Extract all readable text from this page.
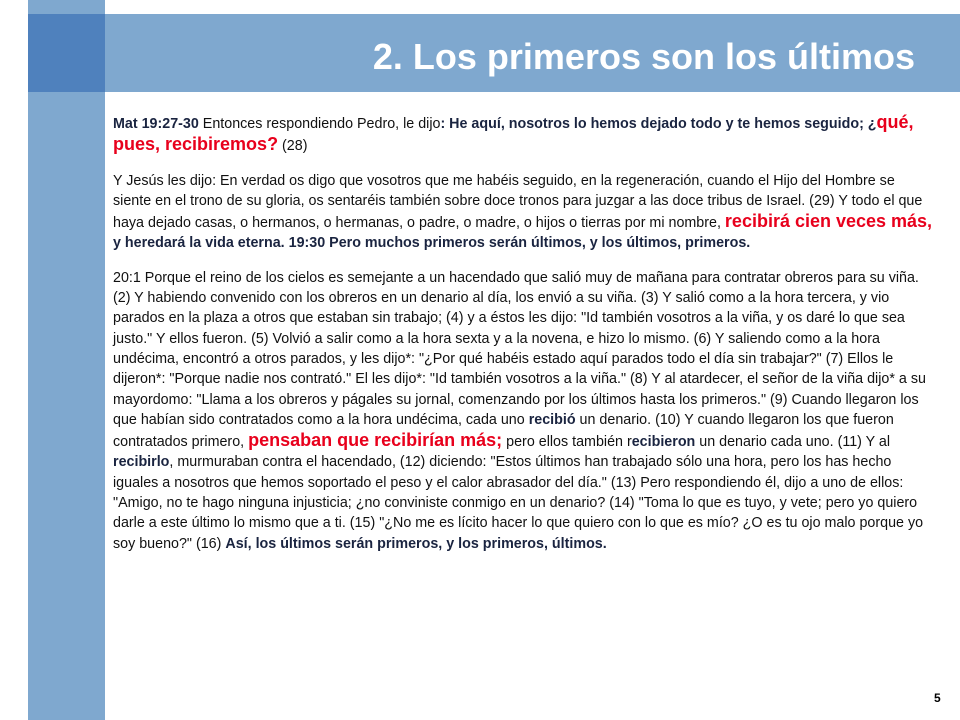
2. Los primeros son los últimos

Mat 19:27-30 Entonces respondiendo Pedro, le dijo: He aquí, nosotros lo hemos dejado todo y te hemos seguido; ¿qué, pues, recibiremos? (28)

Y Jesús les dijo: En verdad os digo que vosotros que me habéis seguido, en la regeneración, cuando el Hijo del Hombre se siente en el trono de su gloria, os sentaréis también sobre doce tronos para juzgar a las doce tribus de Israel. (29) Y todo el que haya dejado casas, o hermanos, o hermanas, o padre, o madre, o hijos o tierras por mi nombre, recibirá cien veces más, y heredará la vida eterna. 19:30 Pero muchos primeros serán últimos, y los últimos, primeros.

20:1 Porque el reino de los cielos es semejante a un hacendado que salió muy de mañana para contratar obreros para su viña. (2) Y habiendo convenido con los obreros en un denario al día, los envió a su viña. (3) Y salió como a la hora tercera, y vio parados en la plaza a otros que estaban sin trabajo; (4) y a éstos les dijo: "Id también vosotros a la viña, y os daré lo que sea justo." Y ellos fueron. (5) Volvió a salir como a la hora sexta y a la novena, e hizo lo mismo. (6) Y saliendo como a la hora undécima, encontró a otros parados, y les dijo*: "¿Por qué habéis estado aquí parados todo el día sin trabajar?" (7) Ellos le dijeron*: "Porque nadie nos contrató." El les dijo*: "Id también vosotros a la viña." (8) Y al atardecer, el señor de la viña dijo* a su mayordomo: "Llama a los obreros y págales su jornal, comenzando por los últimos hasta los primeros." (9) Cuando llegaron los que habían sido contratados como a la hora undécima, cada uno recibió un denario. (10) Y cuando llegaron los que fueron contratados primero, pensaban que recibirían más; pero ellos también recibieron un denario cada uno. (11) Y al recibirlo, murmuraban contra el hacendado, (12) diciendo: "Estos últimos han trabajado sólo una hora, pero los has hecho iguales a nosotros que hemos soportado el peso y el calor abrasador del día." (13) Pero respondiendo él, dijo a uno de ellos: "Amigo, no te hago ninguna injusticia; ¿no conviniste conmigo en un denario? (14) "Toma lo que es tuyo, y vete; pero yo quiero darle a este último lo mismo que a ti. (15) "¿No me es lícito hacer lo que quiero con lo que es mío? ¿O es tu ojo malo porque yo soy bueno?" (16) Así, los últimos serán primeros, y los primeros, últimos.

5
